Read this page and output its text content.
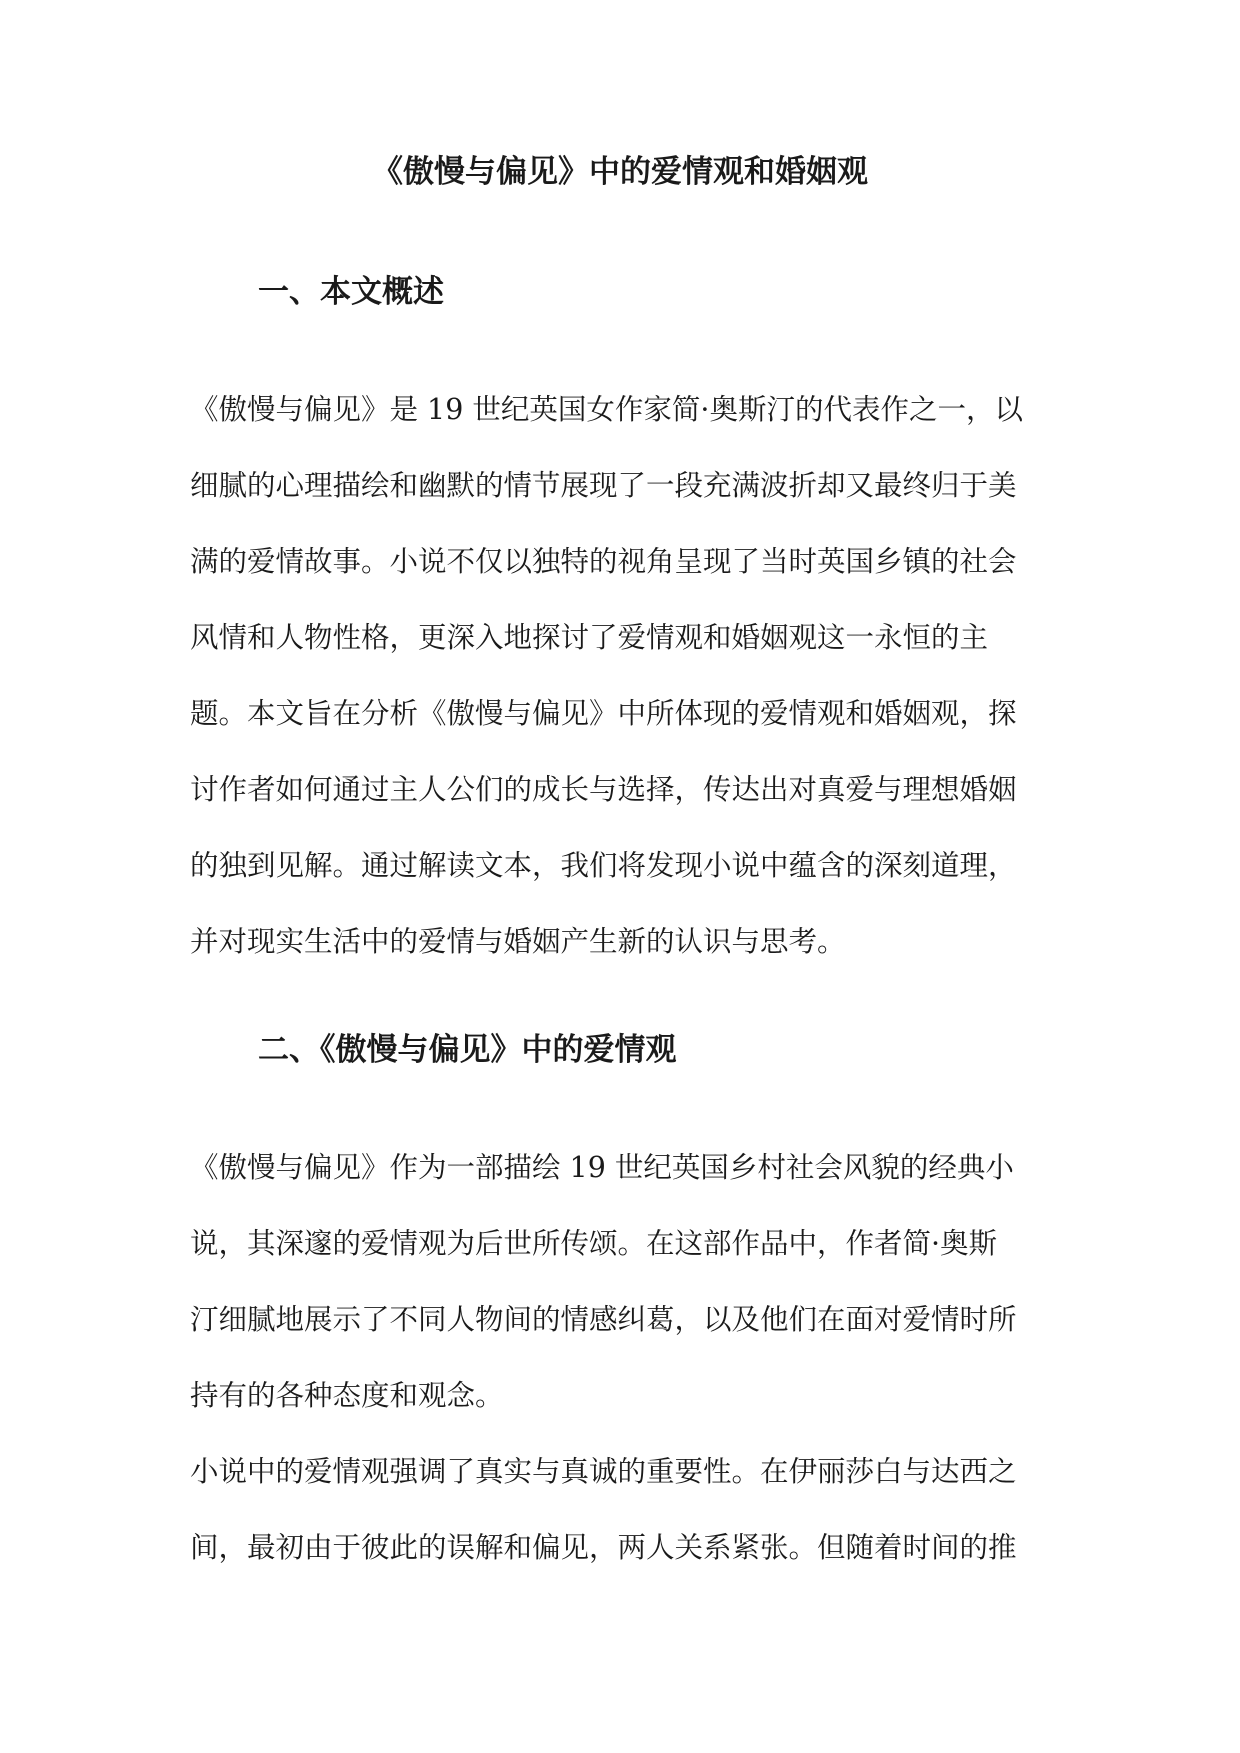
《傲慢与偏见》中的爱情观和婚姻观
一、本文概述
《傲慢与偏见》是 19 世纪英国女作家简·奥斯汀的代表作之一，以
细腻的心理描绘和幽默的情节展现了一段充满波折却又最终归于美
满的爱情故事。小说不仅以独特的视角呈现了当时英国乡镇的社会
风情和人物性格，更深入地探讨了爱情观和婚姻观这一永恒的主
题。本文旨在分析《傲慢与偏见》中所体现的爱情观和婚姻观，探
讨作者如何通过主人公们的成长与选择，传达出对真爱与理想婚姻
的独到见解。通过解读文本，我们将发现小说中蕴含的深刻道理，
并对现实生活中的爱情与婚姻产生新的认识与思考。
二、《傲慢与偏见》中的爱情观
《傲慢与偏见》作为一部描绘 19 世纪英国乡村社会风貌的经典小
说，其深邃的爱情观为后世所传颂。在这部作品中，作者简·奥斯
汀细腻地展示了不同人物间的情感纠葛，以及他们在面对爱情时所
持有的各种态度和观念。
小说中的爱情观强调了真实与真诚的重要性。在伊丽莎白与达西之
间，最初由于彼此的误解和偏见，两人关系紧张。但随着时间的推
